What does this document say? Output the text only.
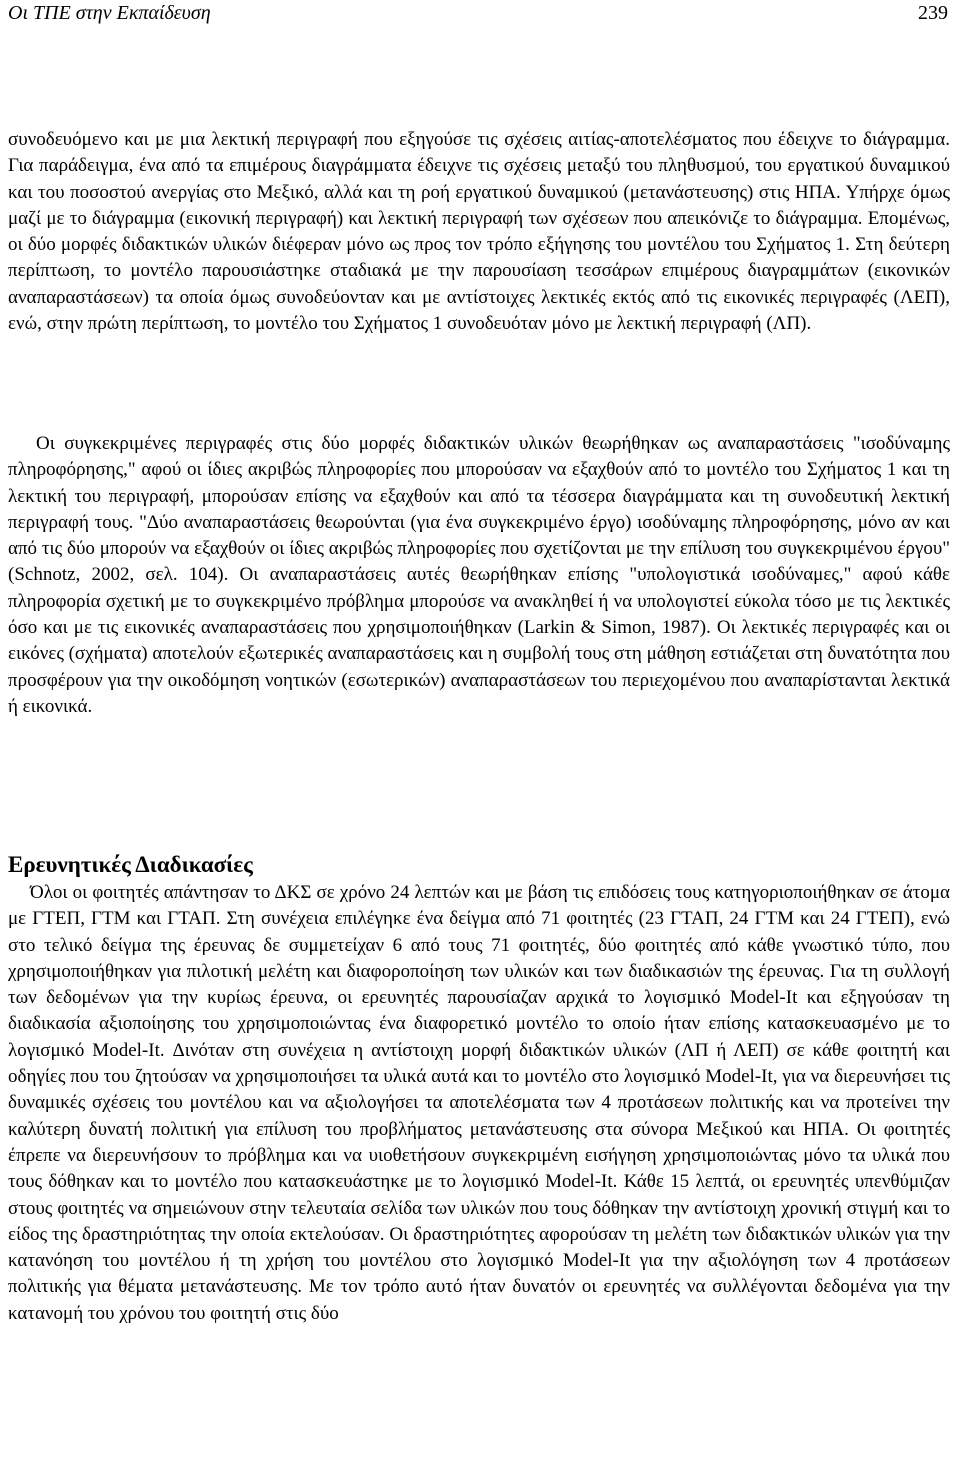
Οι ΤΠΕ στην Εκπαίδευση	239

συνοδευόμενο και με μια λεκτική περιγραφή που εξηγούσε τις σχέσεις αιτίας-αποτελέσματος που έδειχνε το διάγραμμα. Για παράδειγμα, ένα από τα επιμέρους διαγράμματα έδειχνε τις σχέσεις μεταξύ του πληθυσμού, του εργατικού δυναμικού και του ποσοστού ανεργίας στο Μεξικό, αλλά και τη ροή εργατικού δυναμικού (μετανάστευσης) στις ΗΠΑ. Υπήρχε όμως μαζί με το διάγραμμα (εικονική περιγραφή) και λεκτική περιγραφή των σχέσεων που απεικόνιζε το διάγραμμα. Επομένως, οι δύο μορφές διδακτικών υλικών διέφεραν μόνο ως προς τον τρόπο εξήγησης του μοντέλου του Σχήματος 1. Στη δεύτερη περίπτωση, το μοντέλο παρουσιάστηκε σταδιακά με την παρουσίαση τεσσάρων επιμέρους διαγραμμάτων (εικονικών αναπαραστάσεων) τα οποία όμως συνοδεύονταν και με αντίστοιχες λεκτικές εκτός από τις εικονικές περιγραφές (ΛΕΠ), ενώ, στην πρώτη περίπτωση, το μοντέλο του Σχήματος 1 συνοδευόταν μόνο με λεκτική περιγραφή (ΛΠ).

Οι συγκεκριμένες περιγραφές στις δύο μορφές διδακτικών υλικών θεωρήθηκαν ως αναπαραστάσεις "ισοδύναμης πληροφόρησης," αφού οι ίδιες ακριβώς πληροφορίες που μπορούσαν να εξαχθούν από το μοντέλο του Σχήματος 1 και τη λεκτική του περιγραφή, μπορούσαν επίσης να εξαχθούν και από τα τέσσερα διαγράμματα και τη συνοδευτική λεκτική περιγραφή τους. "Δύο αναπαραστάσεις θεωρούνται (για ένα συγκεκριμένο έργο) ισοδύναμης πληροφόρησης, μόνο αν και από τις δύο μπορούν να εξαχθούν οι ίδιες ακριβώς πληροφορίες που σχετίζονται με την επίλυση του συγκεκριμένου έργου" (Schnotz, 2002, σελ. 104). Οι αναπαραστάσεις αυτές θεωρήθηκαν επίσης "υπολογιστικά ισοδύναμες," αφού κάθε πληροφορία σχετική με το συγκεκριμένο πρόβλημα μπορούσε να ανακληθεί ή να υπολογιστεί εύκολα τόσο με τις λεκτικές όσο και με τις εικονικές αναπαραστάσεις που χρησιμοποιήθηκαν (Larkin & Simon, 1987). Οι λεκτικές περιγραφές και οι εικόνες (σχήματα) αποτελούν εξωτερικές αναπαραστάσεις και η συμβολή τους στη μάθηση εστιάζεται στη δυνατότητα που προσφέρουν για την οικοδόμηση νοητικών (εσωτερικών) αναπαραστάσεων του περιεχομένου που αναπαρίστανται λεκτικά ή εικονικά.

Ερευνητικές Διαδικασίες

Όλοι οι φοιτητές απάντησαν το ΔΚΣ σε χρόνο 24 λεπτών και με βάση τις επιδόσεις τους κατηγοριοποιήθηκαν σε άτομα με ΓΤΕΠ, ΓΤΜ και ΓΤΑΠ. Στη συνέχεια επιλέγηκε ένα δείγμα από 71 φοιτητές (23 ΓΤΑΠ, 24 ΓΤΜ και 24 ΓΤΕΠ), ενώ στο τελικό δείγμα της έρευνας δε συμμετείχαν 6 από τους 71 φοιτητές, δύο φοιτητές από κάθε γνωστικό τύπο, που χρησιμοποιήθηκαν για πιλοτική μελέτη και διαφοροποίηση των υλικών και των διαδικασιών της έρευνας. Για τη συλλογή των δεδομένων για την κυρίως έρευνα, οι ερευνητές παρουσίαζαν αρχικά το λογισμικό Model-It και εξηγούσαν τη διαδικασία αξιοποίησης του χρησιμοποιώντας ένα διαφορετικό μοντέλο το οποίο ήταν επίσης κατασκευασμένο με το λογισμικό Model-It. Δινόταν στη συνέχεια η αντίστοιχη μορφή διδακτικών υλικών (ΛΠ ή ΛΕΠ) σε κάθε φοιτητή και οδηγίες που του ζητούσαν να χρησιμοποιήσει τα υλικά αυτά και το μοντέλο στο λογισμικό Model-It, για να διερευνήσει τις δυναμικές σχέσεις του μοντέλου και να αξιολογήσει τα αποτελέσματα των 4 προτάσεων πολιτικής και να προτείνει την καλύτερη δυνατή πολιτική για επίλυση του προβλήματος μετανάστευσης στα σύνορα Μεξικού και ΗΠΑ. Οι φοιτητές έπρεπε να διερευνήσουν το πρόβλημα και να υιοθετήσουν συγκεκριμένη εισήγηση χρησιμοποιώντας μόνο τα υλικά που τους δόθηκαν και το μοντέλο που κατασκευάστηκε με το λογισμικό Model-It. Κάθε 15 λεπτά, οι ερευνητές υπενθύμιζαν στους φοιτητές να σημειώνουν στην τελευταία σελίδα των υλικών που τους δόθηκαν την αντίστοιχη χρονική στιγμή και το είδος της δραστηριότητας την οποία εκτελούσαν. Οι δραστηριότητες αφορούσαν τη μελέτη των διδακτικών υλικών για την κατανόηση του μοντέλου ή τη χρήση του μοντέλου στο λογισμικό Model-It για την αξιολόγηση των 4 προτάσεων πολιτικής για θέματα μετανάστευσης. Με τον τρόπο αυτό ήταν δυνατόν οι ερευνητές να συλλέγονται δεδομένα για την κατανομή του χρόνου του φοιτητή στις δύο
